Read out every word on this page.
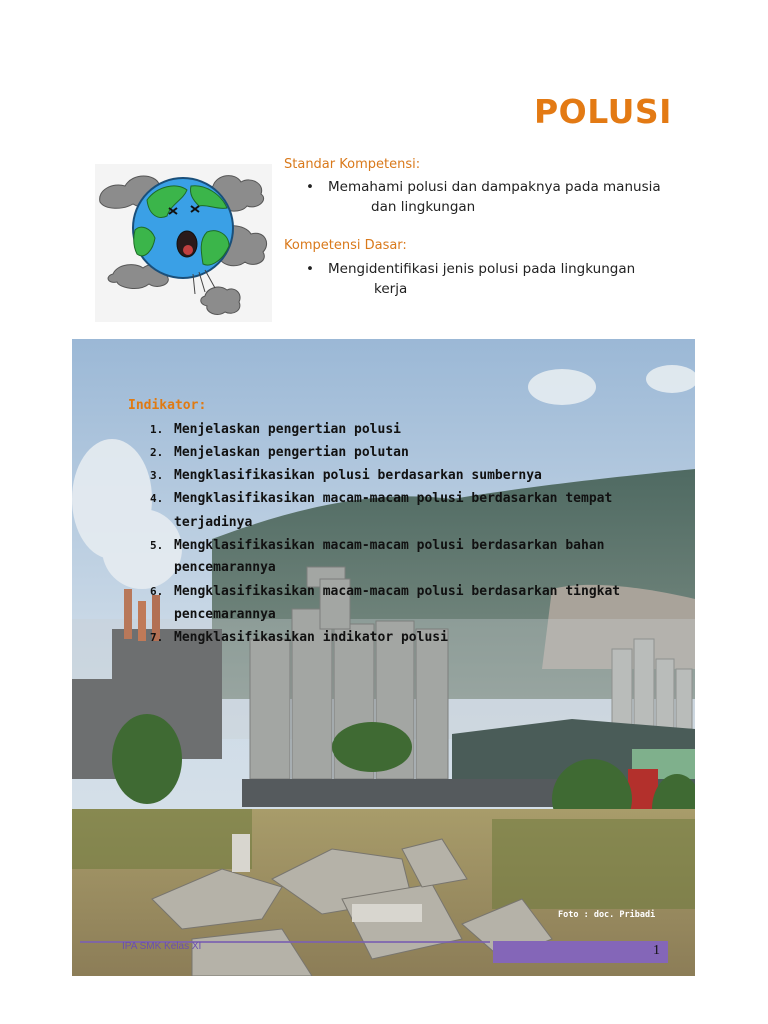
POLUSI
Standar Kompetensi:
• Memahami polusi dan dampaknya pada manusia
dan lingkungan
Kompetensi Dasar:
• Mengidentifikasi jenis polusi pada lingkungan
kerja
Indikator:
1. Menjelaskan pengertian polusi
2. Menjelaskan pengertian polutan
3. Mengklasifikasikan polusi berdasarkan sumbernya
4. Mengklasifikasikan macam-macam polusi berdasarkan tempat
terjadinya
5. Mengklasifikasikan macam-macam polusi berdasarkan bahan
pencemarannya
6. Mengklasifikasikan macam-macam polusi berdasarkan tingkat
pencemarannya
7. Mengklasifikasikan indikator polusi
Foto : doc. Pribadi
IPA SMK Kelas XI	1
